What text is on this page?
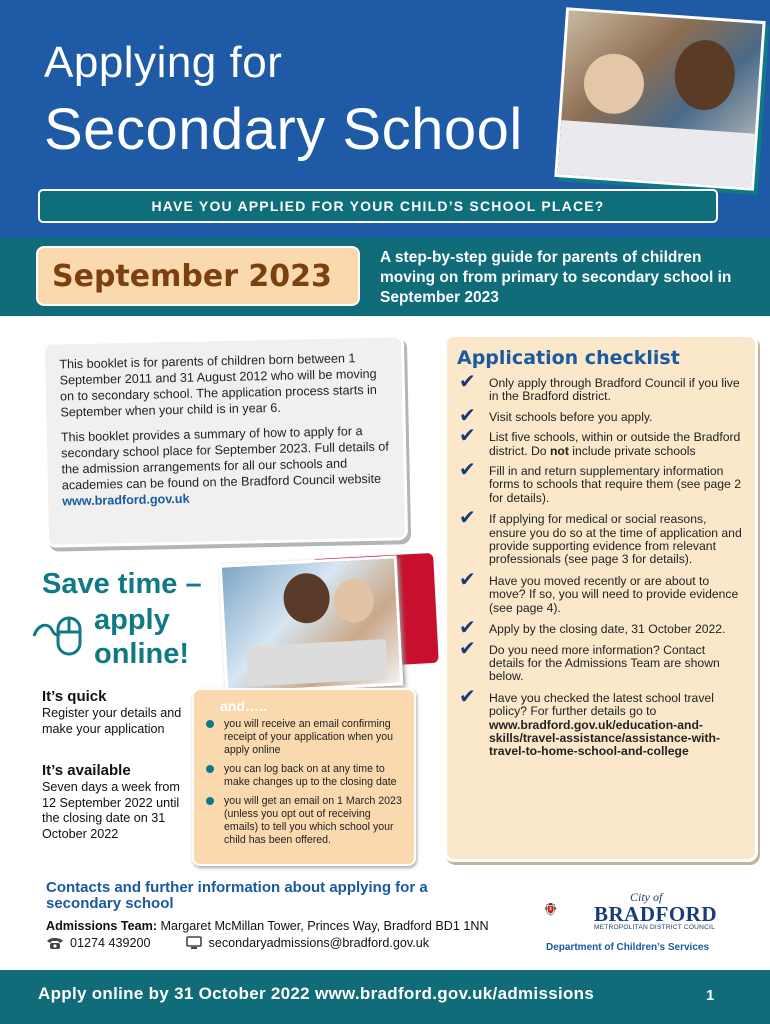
Applying for
Secondary School
HAVE YOU APPLIED FOR YOUR CHILD’S SCHOOL PLACE?
September 2023
A step-by-step guide for parents of children moving on from primary to secondary school in September 2023

This booklet is for parents of children born between 1 September 2011 and 31 August 2012 who will be moving on to secondary school. The application process starts in September when your child is in year 6.

This booklet provides a summary of how to apply for a secondary school place for September 2023. Full details of the admission arrangements for all our schools and academies can be found on the Bradford Council website www.bradford.gov.uk

Save time –
apply
online!
It’s quick
Register your details and make your application
It’s available
Seven days a week from 12 September 2022 until the closing date on 31 October 2022
and…..
you will receive an email confirming receipt of your application when you apply online
you can log back on at any time to make changes up to the closing date
you will get an email on 1 March 2023 (unless you opt out of receiving emails) to tell you which school your child has been offered.
Application checklist
✔ Only apply through Bradford Council if you live in the Bradford district.
✔ Visit schools before you apply.
✔ List five schools, within or outside the Bradford district. Do not include private schools
✔ Fill in and return supplementary information forms to schools that require them (see page 2 for details).
✔ If applying for medical or social reasons, ensure you do so at the time of application and provide supporting evidence from relevant professionals (see page 3 for details).
✔ Have you moved recently or are about to move? If so, you will need to provide evidence (see page 4).
✔ Apply by the closing date, 31 October 2022.
✔ Do you need more information? Contact details for the Admissions Team are shown below.
✔ Have you checked the latest school travel policy? For further details go to www.bradford.gov.uk/education-and-skills/travel-assistance/assistance-with-travel-to-home-school-and-college
Contacts and further information about applying for a secondary school
Admissions Team: Margaret McMillan Tower, Princes Way, Bradford BD1 1NN
01274 439200	secondaryadmissions@bradford.gov.uk
City of
BRADFORD
METROPOLITAN DISTRICT COUNCIL
Department of Children’s Services
Apply online by 31 October 2022 www.bradford.gov.uk/admissions	1
